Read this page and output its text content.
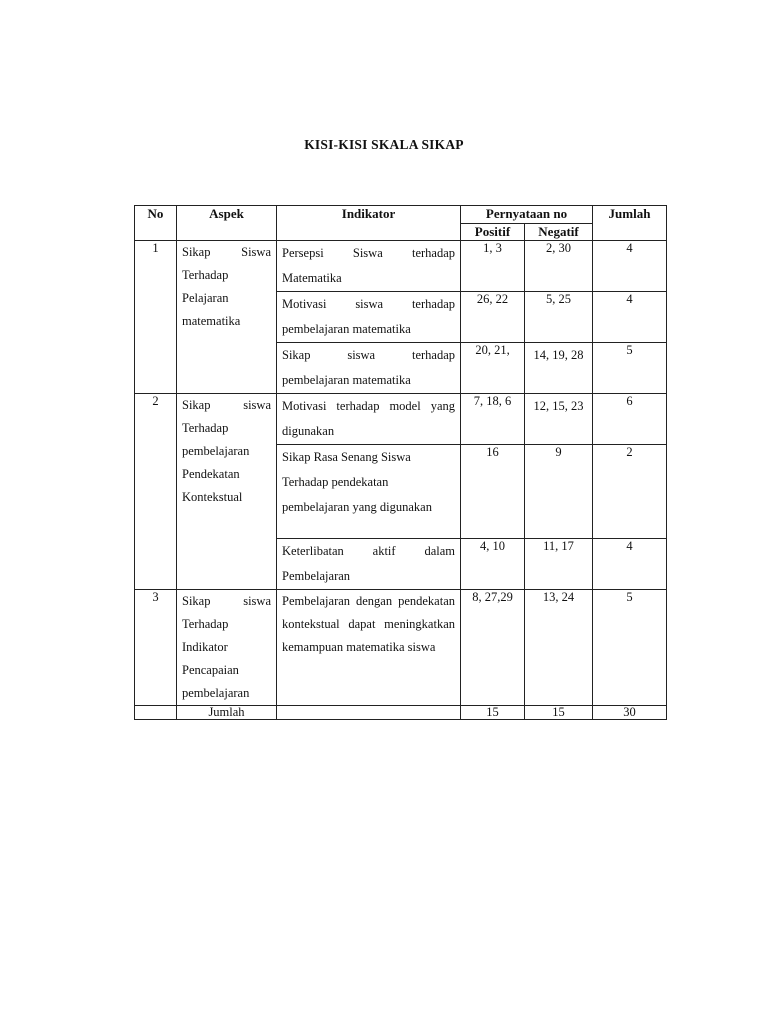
KISI-KISI SKALA SIKAP
No	Aspek	Indikator	Pernyataan no		Jumlah
			Positif	Negatif	
1	Sikap Siswa
Terhadap
Pelajaran
matematika	Persepsi Siswa terhadap Matematika	1, 3	2, 30	4
		Motivasi siswa terhadap pembelajaran matematika	26, 22	5, 25	4
		Sikap siswa terhadap pembelajaran matematika	20, 21,	14, 19, 28	5
2	Sikap siswa
Terhadap
pembelajaran
Pendekatan
Kontekstual	Motivasi terhadap model yang digunakan	7, 18, 6	12, 15, 23	6
		Sikap Rasa Senang Siswa Terhadap pendekatan pembelajaran yang digunakan	16	9	2
		Keterlibatan aktif dalam Pembelajaran	4, 10	11, 17	4
3	Sikap siswa
Terhadap
Indikator
Pencapaian
pembelajaran	Pembelajaran dengan pendekatan kontekstual dapat meningkatkan kemampuan matematika siswa	8, 27,29	13, 24	5
	Jumlah		15	15	30
